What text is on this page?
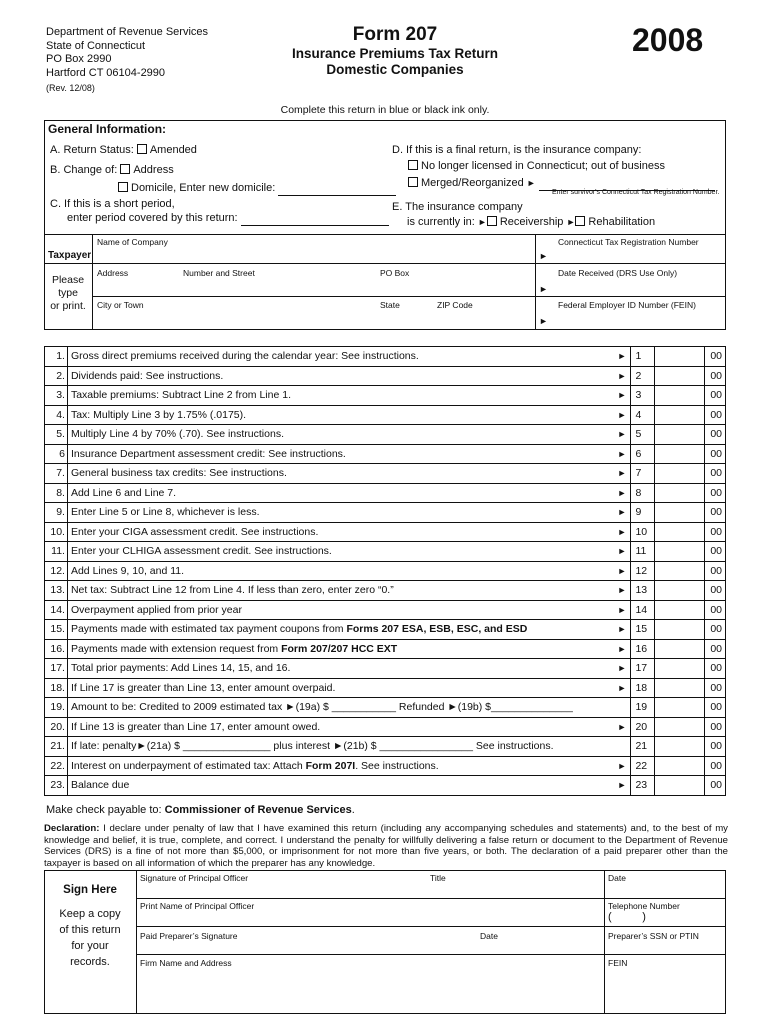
Department of Revenue Services
State of Connecticut
PO Box 2990
Hartford CT 06104-2990
(Rev. 12/08)
Form 207
Insurance Premiums Tax Return
Domestic Companies
2008
Complete this return in blue or black ink only.
General Information:
A. Return Status: Amended
B. Change of: Address
Domicile, Enter new domicile:
C. If this is a short period,
enter period covered by this return:
D. If this is a final return, is the insurance company:
No longer licensed in Connecticut; out of business
Merged/Reorganized ►
Enter survivor's Connecticut Tax Registration Number.
E. The insurance company
is currently in: ► Receivership ► Rehabilitation
Taxpayer
Please
type
or print.
Name of Company
Address	Number and Street	PO Box
City or Town	State	ZIP Code
Connecticut Tax Registration Number
►
Date Received (DRS Use Only)
►
Federal Employer ID Number (FEIN)
►
1.	Gross direct premiums received during the calendar year: See instructions. ►	1		00
2.	Dividends paid: See instructions. ►	2		00
3.	Taxable premiums: Subtract Line 2 from Line 1. ►	3		00
4.	Tax: Multiply Line 3 by 1.75% (.0175). ►	4		00
5.	Multiply Line 4 by 70% (.70). See instructions. ►	5		00
6	Insurance Department assessment credit: See instructions. ►	6		00
7.	General business tax credits: See instructions. ►	7		00
8.	Add Line 6 and Line 7. ►	8		00
9.	Enter Line 5 or Line 8, whichever is less. ►	9		00
10.	Enter your CIGA assessment credit. See instructions. ►	10		00
11.	Enter your CLHIGA assessment credit. See instructions. ►	11		00
12.	Add Lines 9, 10, and 11. ►	12		00
13.	Net tax: Subtract Line 12 from Line 4. If less than zero, enter zero “0.” ►	13		00
14.	Overpayment applied from prior year ►	14		00
15.	Payments made with estimated tax payment coupons from Forms 207 ESA, ESB, ESC, and ESD ►	15		00
16.	Payments made with extension request from Form 207/207 HCC EXT ►	16		00
17.	Total prior payments: Add Lines 14, 15, and 16. ►	17		00
18.	If Line 17 is greater than Line 13, enter amount overpaid. ►	18		00
19.	Amount to be: Credited to 2009 estimated tax ►(19a) $ ___________ Refunded ►(19b) $______________	19		00
20.	If Line 13 is greater than Line 17, enter amount owed. ►	20		00
21.	If late: penalty►(21a) $ _______________ plus interest ►(21b) $ ________________ See instructions.	21		00
22.	Interest on underpayment of estimated tax: Attach Form 207I. See instructions. ►	22		00
23.	Balance due ►	23		00
Make check payable to: Commissioner of Revenue Services.
Declaration: I declare under penalty of law that I have examined this return (including any accompanying schedules and statements) and, to the best of my knowledge and belief, it is true, complete, and correct. I understand the penalty for willfully delivering a false return or document to the Department of Revenue Services (DRS) is a fine of not more than $5,000, or imprisonment for not more than five years, or both. The declaration of a paid preparer other than the taxpayer is based on all information of which the preparer has any knowledge.
Sign Here
Keep a copy
of this return
for your
records.
Signature of Principal Officer	Title	Date
Print Name of Principal Officer	Telephone Number
(          )
Paid Preparer’s Signature	Date	Preparer’s SSN or PTIN
Firm Name and Address	FEIN
